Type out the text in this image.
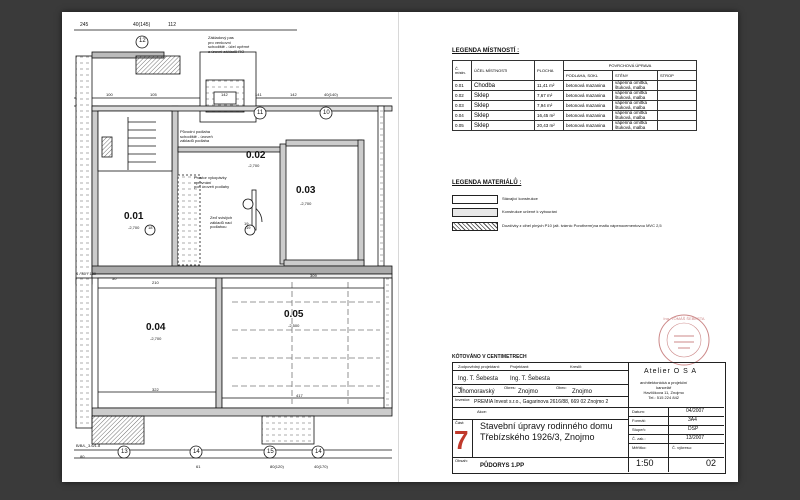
12
11	10
13	14	15	14
245	40(145)	112
100	105	142	141	142	40(140)
Základový pas
pro venkovní
schodiště - účel opěrné
a úrovni základů RO
Původní podlaha
schodiště - úroveň
základů podlaha
Prostor vykopávky
vyrovnání
pod úroveň podlahy
Zeď svislých
základů nad
podlahou
0.01
-2,700
0.02
-2,700
0.03
-2,700
0.04
-2,700
0.05
-2,500
19
18	19
50
210
309
322
417
80
61	80(120)	40(170)
4 / 80 / 130
B/B/L_3.6/1.8
LEGENDA MÍSTNOSTÍ :
Č.
místn.	ÚČEL MÍSTNOSTI	PLOCHA	POVRCHOVÁ ÚPRAVA		
			PODLAHA, SOKL	STĚNY	STROP
0.01	Chodba	11,41 m²	betonová mazanina	vápenná omítka,
štuková, malba	
0.02	Sklep	7,67 m²	betonová mazanina	vápenná omítka
štuková, malba	
0.03	Sklep	7,94 m²	betonová mazanina	vápenná omítka
štuková, malba	
0.04	Sklep	16,45 m²	betonová mazanina	vápenná omítka
štuková, malba	
0.05	Sklep	20,43 m²	betonová mazanina	vápenná omítka
štuková, malba	
LEGENDA MATERIÁLŮ :
Stávající konstrukce
Konstrukce určené k vybourání
Dozdívky z cihel plných P10 (alt. tvárnic Porotherm)na maltu vápenocementovou MVC 2,5
Ing. TOMÁŠ ŠEBESTA
KÓTOVÁNO V CENTIMETRECH
Zodpovědný projektant:	Projektant:	Kreslil:
Ing. T. Šebesta Ing. T. Šebesta
Kraj:
Jihomoravský
Okres:
Znojmo
Obec:
Znojmo
Investor: PREMIA Invest s.r.o., Gagarinova 2616/88, 669 02 Znojmo 2
Část:
7
Akce:
Stavební úpravy rodinného domu
Třebízského 1926/3, Znojmo
Obsah:
PŮDORYS 1.PP
Atelier O S A
architektonická a projekční
kancelář
Havlíčkova 11, Znojmo
Tel.: 515 224 842
Datum:	04/2007
Formát:	3A4
Stupeň:	DSP
Č. zak.:	13/2007
Měřítko:
1:50
Č. výkresu:
02
